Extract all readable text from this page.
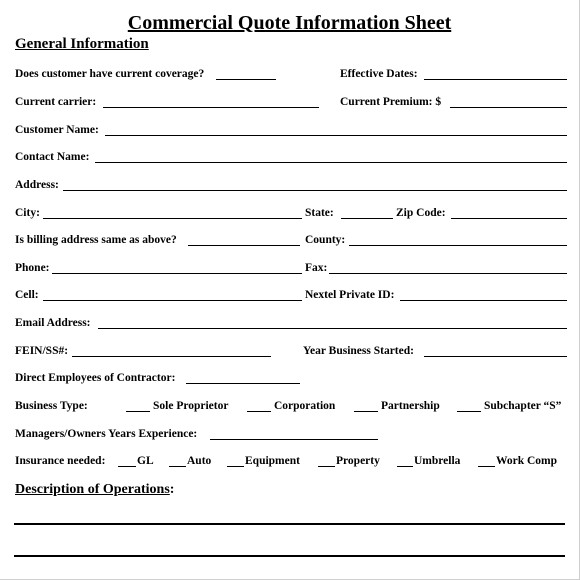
Commercial Quote Information Sheet
General Information
Does customer have current coverage?	Effective Dates:
Current carrier:	Current Premium: $
Customer Name:
Contact Name:
Address:
City:	State:	Zip Code:
Is billing address same as above?	County:
Phone:	Fax:
Cell:	Nextel Private ID:
Email Address:
FEIN/SS#:	Year Business Started:
Direct Employees of Contractor:
Business Type:	Sole Proprietor	Corporation	Partnership	Subchapter “S”
Managers/Owners Years Experience:
Insurance needed:	GL	Auto	Equipment	Property	Umbrella	Work Comp
Description of Operations:
